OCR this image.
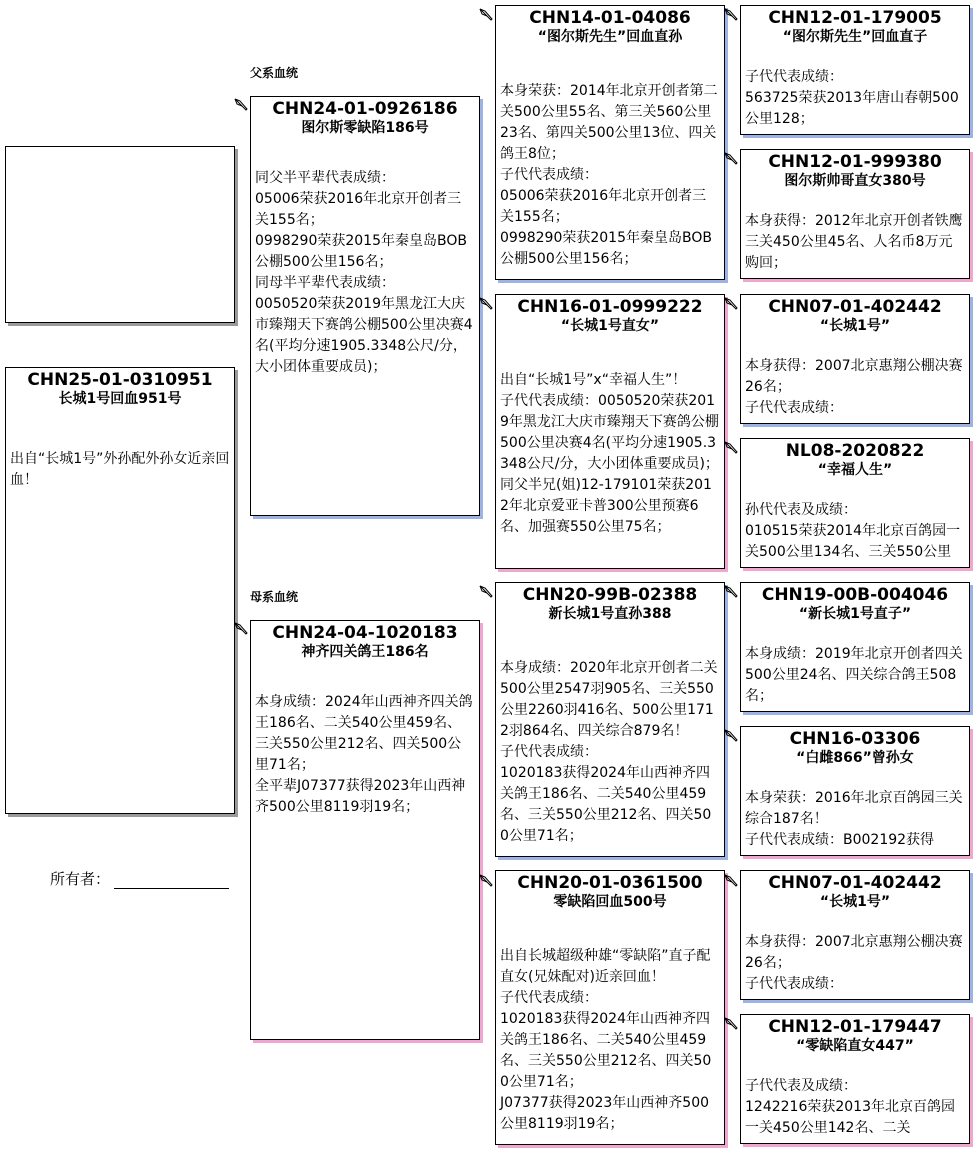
CHN25-01-0310951
长城1号回血951号
出自“长城1号”外孙配外孙女近亲回血！
所有者：
父系血统
母系血统
CHN24-01-0926186
图尔斯零缺陷186号
同父半平辈代表成绩：
05006荣获2016年北京开创者三关155名；
0998290荣获2015年秦皇岛BOB公棚500公里156名；
同母半平辈代表成绩：
0050520荣获2019年黑龙江大庆市臻翔天下赛鸽公棚500公里决赛4名(平均分速1905.3348公尺/分，大小团体重要成员)；
CHN24-04-1020183
神齐四关鸽王186名
本身成绩：2024年山西神齐四关鸽王186名、二关540公里459名、三关550公里212名、四关500公里71名；
全平辈J07377获得2023年山西神齐500公里8119羽19名；
CHN14-01-04086
“图尔斯先生”回血直孙
本身荣获：2014年北京开创者第二关500公里55名、第三关560公里23名、第四关500公里13位、四关鸽王8位；
子代代表成绩：
05006荣获2016年北京开创者三关155名；
0998290荣获2015年秦皇岛BOB公棚500公里156名；
CHN16-01-0999222
“长城1号直女”
出自“长城1号”x“幸福人生”！
子代代表成绩：0050520荣获2019年黑龙江大庆市臻翔天下赛鸽公棚500公里决赛4名(平均分速1905.3348公尺/分，大小团体重要成员)；
同父半兄(姐)12-179101荣获2012年北京爱亚卡普300公里预赛6名、加强赛550公里75名；
CHN20-99B-02388
新长城1号直孙388
本身成绩：2020年北京开创者二关500公里2547羽905名、三关550公里2260羽416名、500公里1712羽864名、四关综合879名！
子代代表成绩：
1020183获得2024年山西神齐四关鸽王186名、二关540公里459名、三关550公里212名、四关500公里71名；
CHN20-01-0361500
零缺陷回血500号
出自长城超级种雄“零缺陷”直子配直女(兄妹配对)近亲回血！
子代代表成绩：
1020183获得2024年山西神齐四关鸽王186名、二关540公里459名、三关550公里212名、四关500公里71名；
J07377获得2023年山西神齐500公里8119羽19名；
CHN12-01-179005
“图尔斯先生”回血直子
子代代表成绩：
563725荣获2013年唐山春朝500公里128；
CHN12-01-999380
图尔斯帅哥直女380号
本身获得：2012年北京开创者铁鹰三关450公里45名、人名币8万元购回；
CHN07-01-402442
“长城1号”
本身获得：2007北京惠翔公棚决赛26名；
子代代表成绩：
NL08-2020822
“幸福人生”
孙代代表及成绩：
010515荣获2014年北京百鸽园一关500公里134名、三关550公里
CHN19-00B-004046
“新长城1号直子”
本身成绩：2019年北京开创者四关500公里24名、四关综合鸽王508名；
CHN16-03306
“白雌866”曾孙女
本身荣获：2016年北京百鸽园三关综合187名！
子代代表成绩：B002192获得
CHN07-01-402442
“长城1号”
本身获得：2007北京惠翔公棚决赛26名；
子代代表成绩：
CHN12-01-179447
“零缺陷直女447”
子代代表及成绩：
1242216荣获2013年北京百鸽园一关450公里142名、二关
